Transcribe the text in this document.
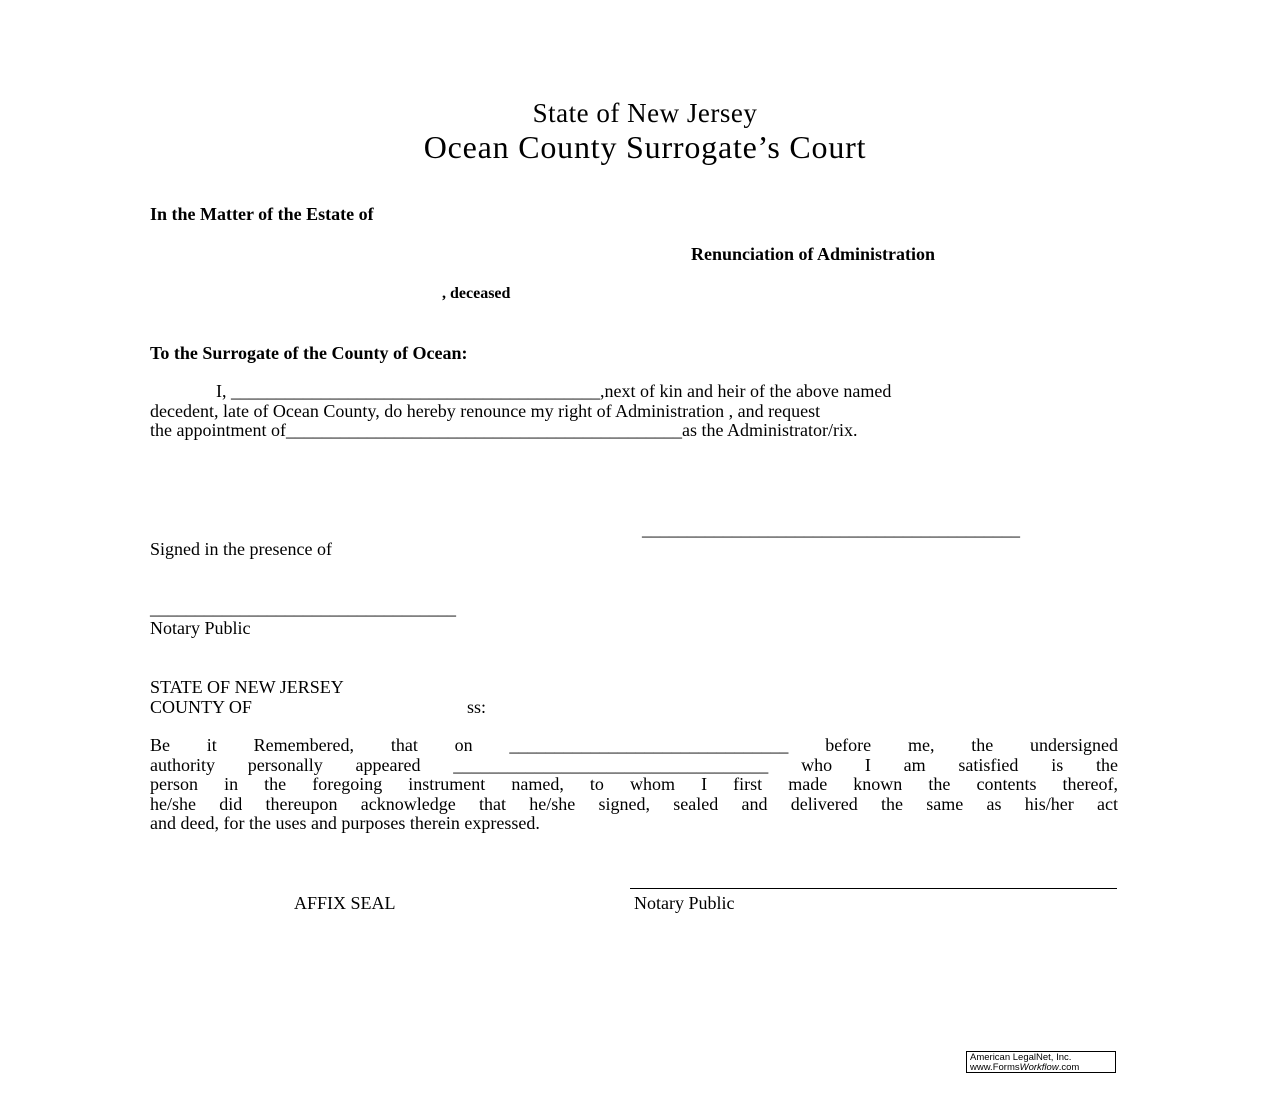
State of New Jersey
Ocean County Surrogate’s Court
In the Matter of the Estate of
Renunciation of Administration
, deceased
To the Surrogate of the County of Ocean:
I, _________________________________________,next of kin and heir of the above named
decedent, late of Ocean County, do hereby renounce my right of Administration , and request
the appointment of____________________________________________as the Administrator/rix.
__________________________________________
Signed in the presence of
__________________________________
Notary Public
STATE OF NEW JERSEY
COUNTY OF	ss:
Be it Remembered, that on _______________________________ before me, the undersigned
authority personally appeared ___________________________________ who I am satisfied is the
person in the foregoing instrument named, to whom I first made known the contents thereof,
he/she did thereupon acknowledge that he/she signed, sealed and delivered the same as his/her act
and deed, for the uses and purposes therein expressed.
AFFIX SEAL	Notary Public
American LegalNet, Inc.
www.FormsWorkflow.com
